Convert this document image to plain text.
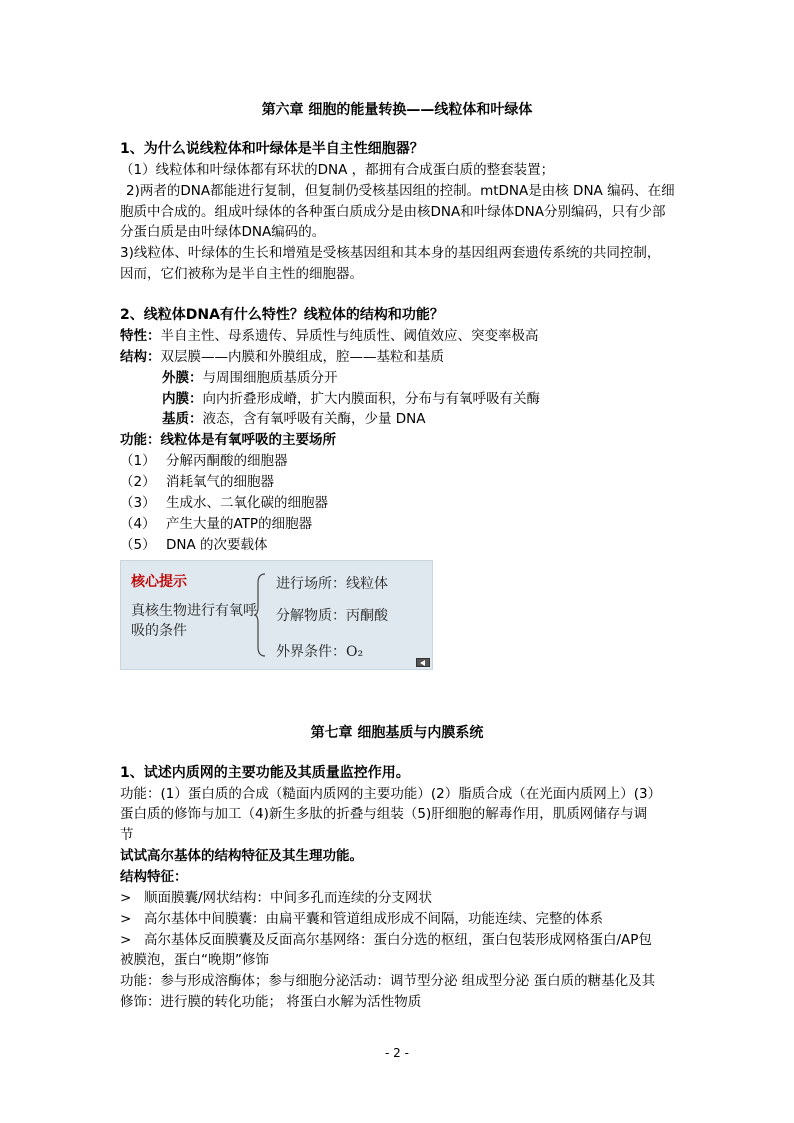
第六章 细胞的能量转换——线粒体和叶绿体
1、为什么说线粒体和叶绿体是半自主性细胞器？
（1）线粒体和叶绿体都有环状的DNA ，都拥有合成蛋白质的整套装置；
2)两者的DNA都能进行复制，但复制仍受核基因组的控制。mtDNA是由核 DNA 编码、在细
胞质中合成的。组成叶绿体的各种蛋白质成分是由核DNA和叶绿体DNA分别编码，只有少部
分蛋白质是由叶绿体DNA编码的。
3)线粒体、叶绿体的生长和增殖是受核基因组和其本身的基因组两套遗传系统的共同控制，
因而，它们被称为是半自主性的细胞器。
2、线粒体DNA有什么特性？线粒体的结构和功能？
特性：半自主性、母系遗传、异质性与纯质性、阈值效应、突变率极高
结构：双层膜——内膜和外膜组成，腔——基粒和基质
外膜：与周围细胞质基质分开
内膜：向内折叠形成嵴，扩大内膜面积，分布与有氧呼吸有关酶
基质：液态，含有氧呼吸有关酶，少量 DNA
功能：线粒体是有氧呼吸的主要场所
（1） 分解丙酮酸的细胞器
（2） 消耗氧气的细胞器
（3） 生成水、二氧化碳的细胞器
（4） 产生大量的ATP的细胞器
（5） DNA 的次要载体
核心提示
真核生物进行有氧呼吸的条件
进行场所：线粒体
分解物质：丙酮酸
外界条件：O₂
第七章 细胞基质与内膜系统
1、试述内质网的主要功能及其质量监控作用。
功能：(1）蛋白质的合成（糙面内质网的主要功能）(2）脂质合成（在光面内质网上）(3）
蛋白质的修饰与加工（4)新生多肽的折叠与组装（5)肝细胞的解毒作用，肌质网储存与调
节
试试高尔基体的结构特征及其生理功能。
结构特征：
> 顺面膜囊/网状结构：中间多孔而连续的分支网状
> 高尔基体中间膜囊：由扁平囊和管道组成形成不间隔，功能连续、完整的体系
> 高尔基体反面膜囊及反面高尔基网络：蛋白分选的枢纽，蛋白包装形成网格蛋白/AP包
被膜泡，蛋白“晚期”修饰
功能：参与形成溶酶体；参与细胞分泌活动：调节型分泌 组成型分泌 蛋白质的糖基化及其
修饰：进行膜的转化功能； 将蛋白水解为活性物质
- 2 -
